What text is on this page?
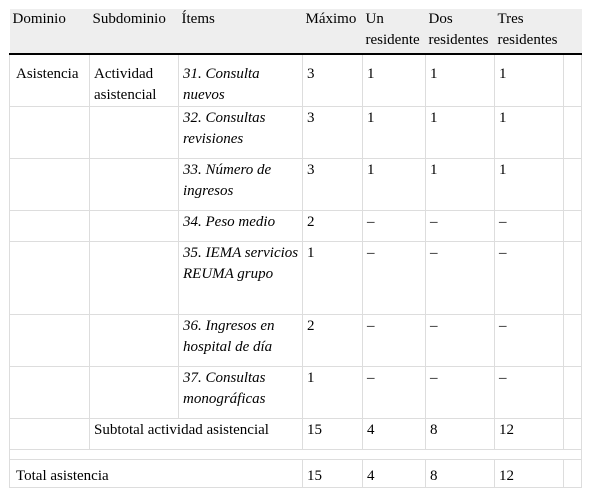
Dominio	Subdominio	Ítems	Máximo	Un residente	Dos residentes	Tres residentes	
Asistencia	Actividad asistencial	31. Consulta nuevos	3	1	1	1	
		32. Consultas revisiones	3	1	1	1	
		33. Número de ingresos	3	1	1	1	
		34. Peso medio	2	–	–	–	
		35. IEMA servicios REUMA grupo	1	–	–	–	
		36. Ingresos en hospital de día	2	–	–	–	
		37. Consultas monográficas	1	–	–	–	
	Subtotal actividad asistencial		15	4	8	12	

Total asistencia			15	4	8	12	
